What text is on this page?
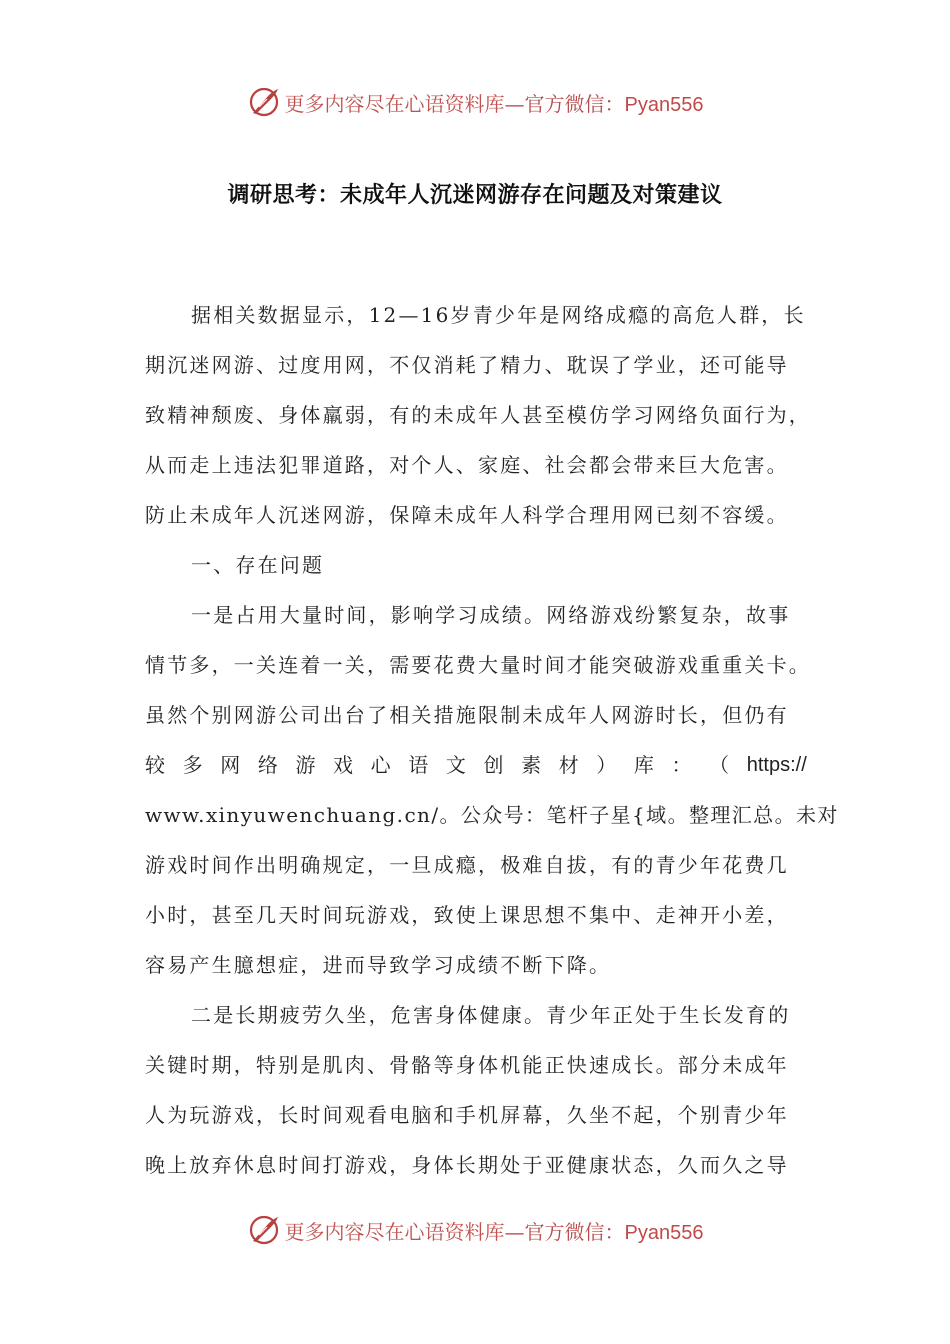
更多内容尽在心语资料库—官方微信：Pyan556
调研思考：未成年人沉迷网游存在问题及对策建议
据相关数据显示，12—16岁青少年是网络成瘾的高危人群，长
期沉迷网游、过度用网，不仅消耗了精力、耽误了学业，还可能导
致精神颓废、身体羸弱，有的未成年人甚至模仿学习网络负面行为，
从而走上违法犯罪道路，对个人、家庭、社会都会带来巨大危害。
防止未成年人沉迷网游，保障未成年人科学合理用网已刻不容缓。
一、存在问题
一是占用大量时间，影响学习成绩。网络游戏纷繁复杂，故事
情节多，一关连着一关，需要花费大量时间才能突破游戏重重关卡。
虽然个别网游公司出台了相关措施限制未成年人网游时长，但仍有
较 多 网 络 游 戏 心 语 文 创 素 材 ） 库 ： （ https://
www.xinyuwenchuang.cn/。公众号：笔杆子星{域。整理汇总。未对
游戏时间作出明确规定，一旦成瘾，极难自拔，有的青少年花费几
小时，甚至几天时间玩游戏，致使上课思想不集中、走神开小差，
容易产生臆想症，进而导致学习成绩不断下降。
二是长期疲劳久坐，危害身体健康。青少年正处于生长发育的
关键时期，特别是肌肉、骨骼等身体机能正快速成长。部分未成年
人为玩游戏，长时间观看电脑和手机屏幕，久坐不起，个别青少年
晚上放弃休息时间打游戏，身体长期处于亚健康状态，久而久之导
更多内容尽在心语资料库—官方微信：Pyan556
